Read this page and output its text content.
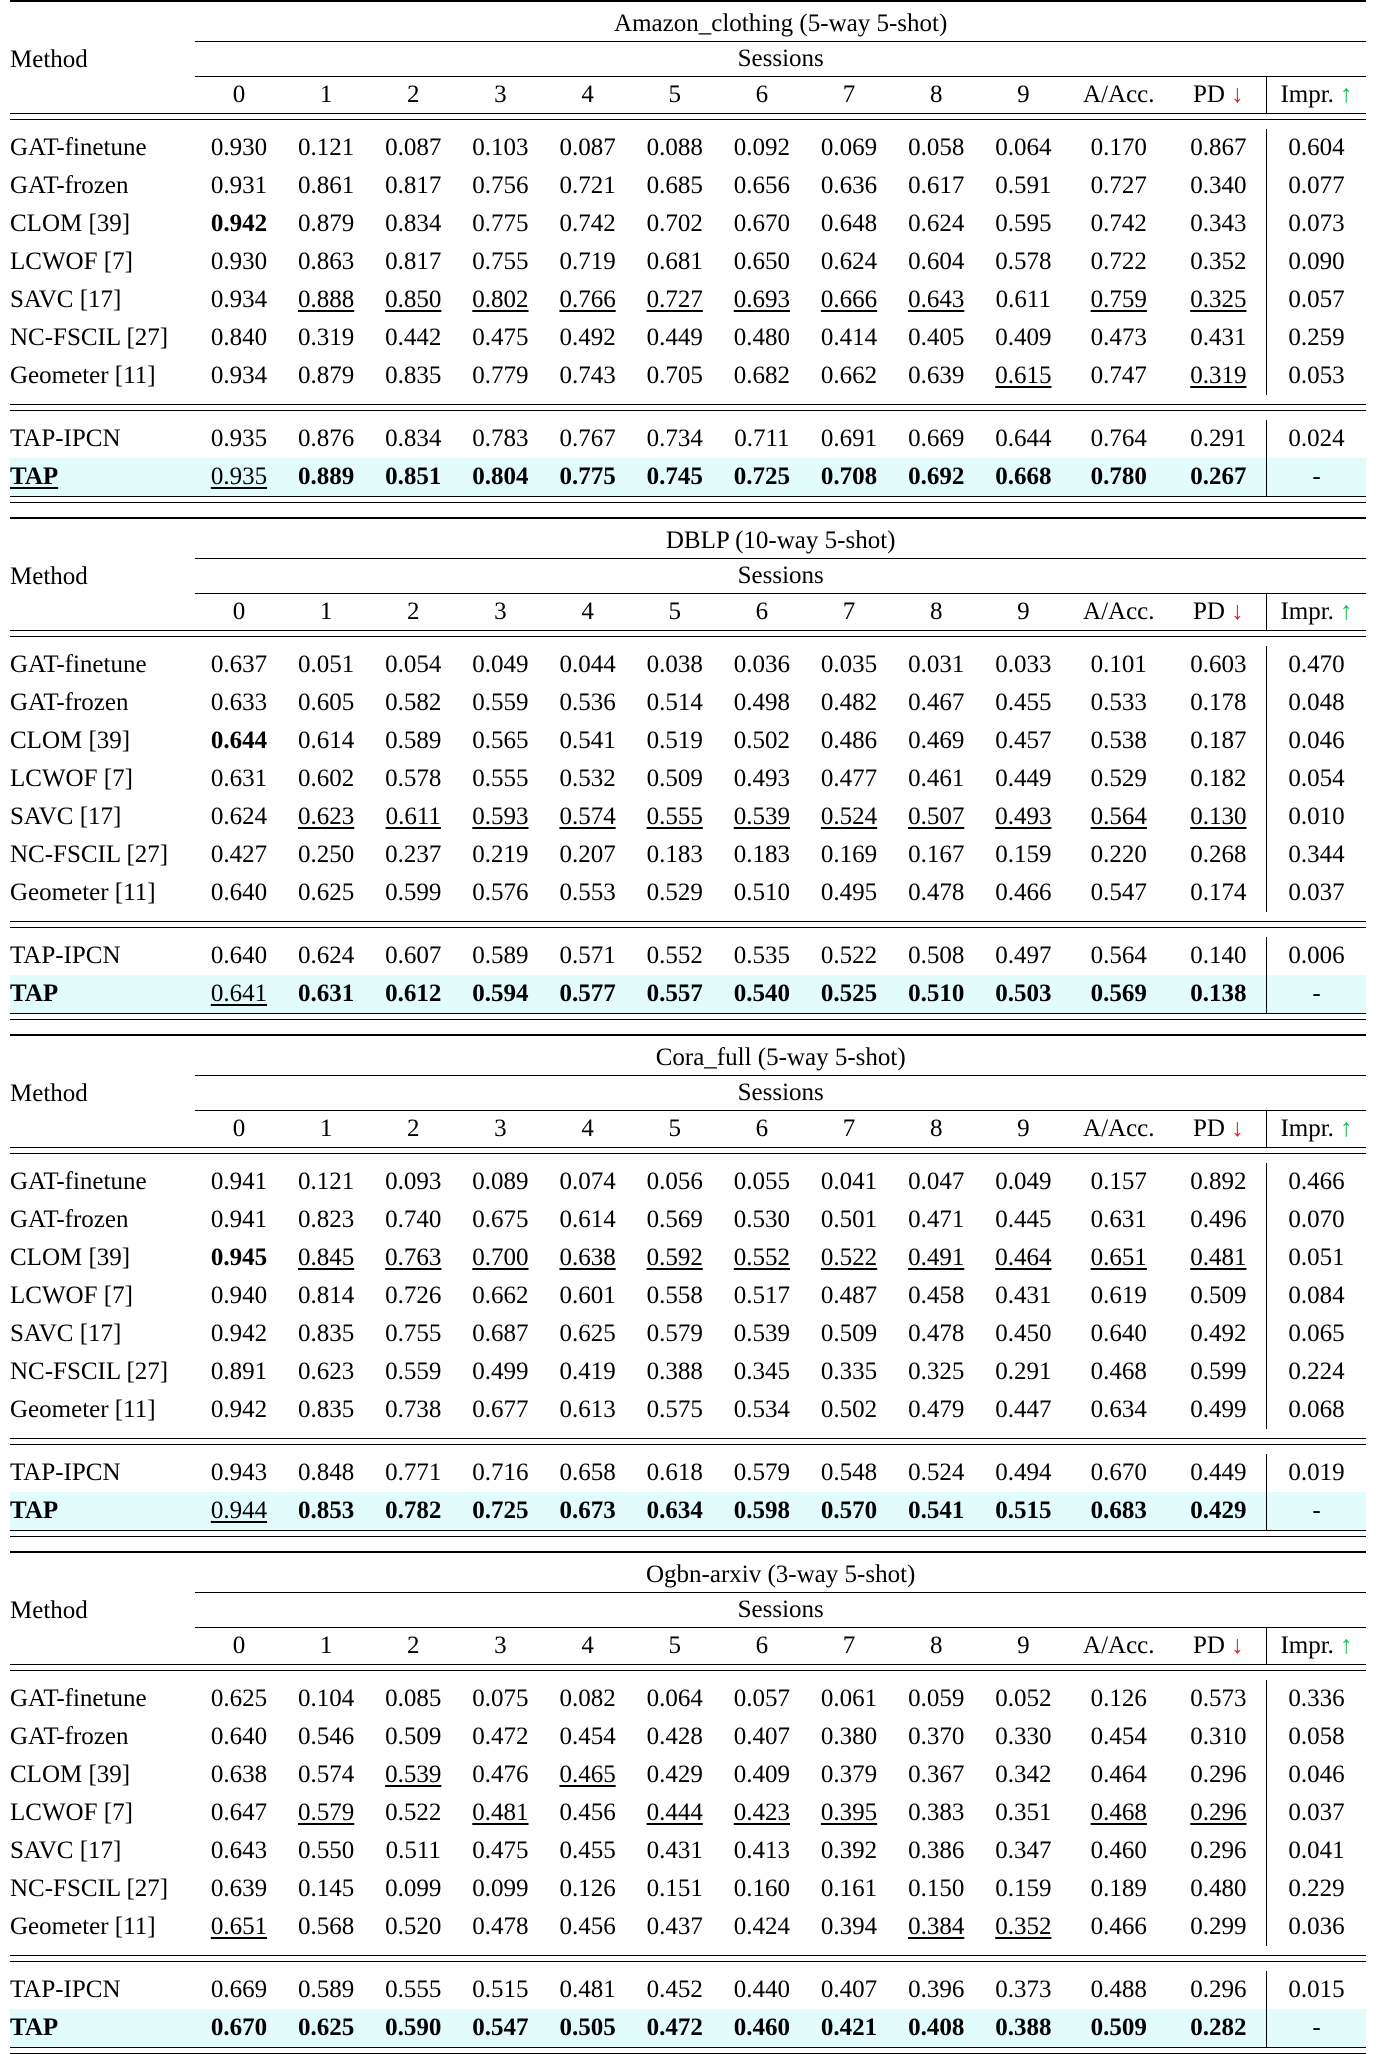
Method	Amazon_clothing (5-way 5-shot)												
	Sessions												
	0	1	2	3	4	5	6	7	8	9	A/Acc.	PD ↓	Impr. ↑

GAT-finetune	0.930	0.121	0.087	0.103	0.087	0.088	0.092	0.069	0.058	0.064	0.170	0.867	0.604
GAT-frozen	0.931	0.861	0.817	0.756	0.721	0.685	0.656	0.636	0.617	0.591	0.727	0.340	0.077
CLOM [39]	0.942	0.879	0.834	0.775	0.742	0.702	0.670	0.648	0.624	0.595	0.742	0.343	0.073
LCWOF [7]	0.930	0.863	0.817	0.755	0.719	0.681	0.650	0.624	0.604	0.578	0.722	0.352	0.090
SAVC [17]	0.934	0.888	0.850	0.802	0.766	0.727	0.693	0.666	0.643	0.611	0.759	0.325	0.057
NC-FSCIL [27]	0.840	0.319	0.442	0.475	0.492	0.449	0.480	0.414	0.405	0.409	0.473	0.431	0.259
Geometer [11]	0.934	0.879	0.835	0.779	0.743	0.705	0.682	0.662	0.639	0.615	0.747	0.319	0.053

TAP-IPCN	0.935	0.876	0.834	0.783	0.767	0.734	0.711	0.691	0.669	0.644	0.764	0.291	0.024
TAP	0.935	0.889	0.851	0.804	0.775	0.745	0.725	0.708	0.692	0.668	0.780	0.267	-

Method	DBLP (10-way 5-shot)												
	Sessions												
	0	1	2	3	4	5	6	7	8	9	A/Acc.	PD ↓	Impr. ↑

GAT-finetune	0.637	0.051	0.054	0.049	0.044	0.038	0.036	0.035	0.031	0.033	0.101	0.603	0.470
GAT-frozen	0.633	0.605	0.582	0.559	0.536	0.514	0.498	0.482	0.467	0.455	0.533	0.178	0.048
CLOM [39]	0.644	0.614	0.589	0.565	0.541	0.519	0.502	0.486	0.469	0.457	0.538	0.187	0.046
LCWOF [7]	0.631	0.602	0.578	0.555	0.532	0.509	0.493	0.477	0.461	0.449	0.529	0.182	0.054
SAVC [17]	0.624	0.623	0.611	0.593	0.574	0.555	0.539	0.524	0.507	0.493	0.564	0.130	0.010
NC-FSCIL [27]	0.427	0.250	0.237	0.219	0.207	0.183	0.183	0.169	0.167	0.159	0.220	0.268	0.344
Geometer [11]	0.640	0.625	0.599	0.576	0.553	0.529	0.510	0.495	0.478	0.466	0.547	0.174	0.037

TAP-IPCN	0.640	0.624	0.607	0.589	0.571	0.552	0.535	0.522	0.508	0.497	0.564	0.140	0.006
TAP	0.641	0.631	0.612	0.594	0.577	0.557	0.540	0.525	0.510	0.503	0.569	0.138	-

Method	Cora_full (5-way 5-shot)												
	Sessions												
	0	1	2	3	4	5	6	7	8	9	A/Acc.	PD ↓	Impr. ↑

GAT-finetune	0.941	0.121	0.093	0.089	0.074	0.056	0.055	0.041	0.047	0.049	0.157	0.892	0.466
GAT-frozen	0.941	0.823	0.740	0.675	0.614	0.569	0.530	0.501	0.471	0.445	0.631	0.496	0.070
CLOM [39]	0.945	0.845	0.763	0.700	0.638	0.592	0.552	0.522	0.491	0.464	0.651	0.481	0.051
LCWOF [7]	0.940	0.814	0.726	0.662	0.601	0.558	0.517	0.487	0.458	0.431	0.619	0.509	0.084
SAVC [17]	0.942	0.835	0.755	0.687	0.625	0.579	0.539	0.509	0.478	0.450	0.640	0.492	0.065
NC-FSCIL [27]	0.891	0.623	0.559	0.499	0.419	0.388	0.345	0.335	0.325	0.291	0.468	0.599	0.224
Geometer [11]	0.942	0.835	0.738	0.677	0.613	0.575	0.534	0.502	0.479	0.447	0.634	0.499	0.068

TAP-IPCN	0.943	0.848	0.771	0.716	0.658	0.618	0.579	0.548	0.524	0.494	0.670	0.449	0.019
TAP	0.944	0.853	0.782	0.725	0.673	0.634	0.598	0.570	0.541	0.515	0.683	0.429	-

Method	Ogbn-arxiv (3-way 5-shot)												
	Sessions												
	0	1	2	3	4	5	6	7	8	9	A/Acc.	PD ↓	Impr. ↑

GAT-finetune	0.625	0.104	0.085	0.075	0.082	0.064	0.057	0.061	0.059	0.052	0.126	0.573	0.336
GAT-frozen	0.640	0.546	0.509	0.472	0.454	0.428	0.407	0.380	0.370	0.330	0.454	0.310	0.058
CLOM [39]	0.638	0.574	0.539	0.476	0.465	0.429	0.409	0.379	0.367	0.342	0.464	0.296	0.046
LCWOF [7]	0.647	0.579	0.522	0.481	0.456	0.444	0.423	0.395	0.383	0.351	0.468	0.296	0.037
SAVC [17]	0.643	0.550	0.511	0.475	0.455	0.431	0.413	0.392	0.386	0.347	0.460	0.296	0.041
NC-FSCIL [27]	0.639	0.145	0.099	0.099	0.126	0.151	0.160	0.161	0.150	0.159	0.189	0.480	0.229
Geometer [11]	0.651	0.568	0.520	0.478	0.456	0.437	0.424	0.394	0.384	0.352	0.466	0.299	0.036

TAP-IPCN	0.669	0.589	0.555	0.515	0.481	0.452	0.440	0.407	0.396	0.373	0.488	0.296	0.015
TAP	0.670	0.625	0.590	0.547	0.505	0.472	0.460	0.421	0.408	0.388	0.509	0.282	-
